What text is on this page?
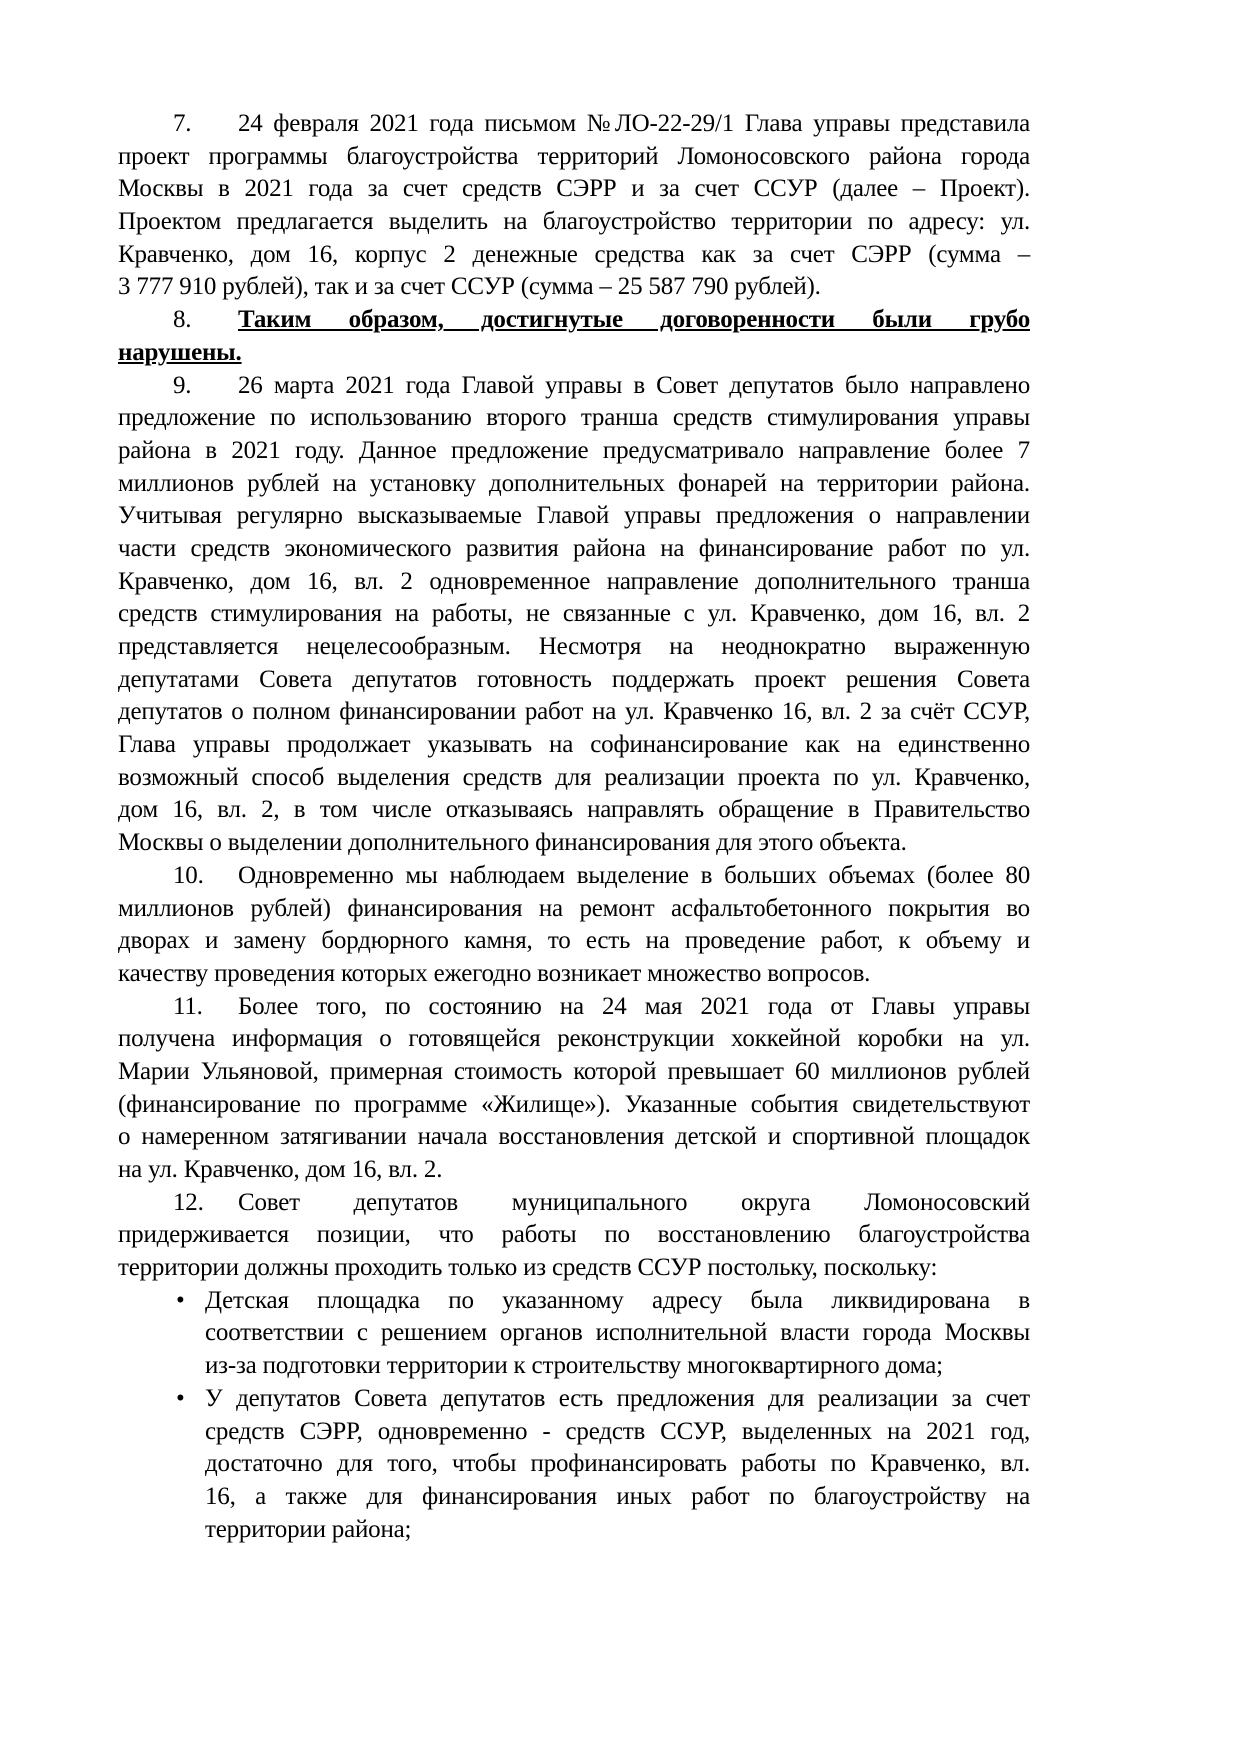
7. 24 февраля 2021 года письмом №ЛО-22-29/1 Глава управы представила
проект программы благоустройства территорий Ломоносовского района города
Москвы в 2021 года за счет средств СЭРР и за счет ССУР (далее – Проект).
Проектом предлагается выделить на благоустройство территории по адресу: ул.
Кравченко, дом 16, корпус 2 денежные средства как за счет СЭРР (сумма –
3 777 910 рублей), так и за счет ССУР (сумма – 25 587 790 рублей).
8. Таким образом, достигнутые договоренности были грубо
нарушены.
9. 26 марта 2021 года Главой управы в Совет депутатов было направлено
предложение по использованию второго транша средств стимулирования управы
района в 2021 году. Данное предложение предусматривало направление более 7
миллионов рублей на установку дополнительных фонарей на территории района.
Учитывая регулярно высказываемые Главой управы предложения о направлении
части средств экономического развития района на финансирование работ по ул.
Кравченко, дом 16, вл. 2 одновременное направление дополнительного транша
средств стимулирования на работы, не связанные с ул. Кравченко, дом 16, вл. 2
представляется нецелесообразным. Несмотря на неоднократно выраженную
депутатами Совета депутатов готовность поддержать проект решения Совета
депутатов о полном финансировании работ на ул. Кравченко 16, вл. 2 за счёт ССУР,
Глава управы продолжает указывать на софинансирование как на единственно
возможный способ выделения средств для реализации проекта по ул. Кравченко,
дом 16, вл. 2, в том числе отказываясь направлять обращение в Правительство
Москвы о выделении дополнительного финансирования для этого объекта.
10. Одновременно мы наблюдаем выделение в больших объемах (более 80
миллионов рублей) финансирования на ремонт асфальтобетонного покрытия во
дворах и замену бордюрного камня, то есть на проведение работ, к объему и
качеству проведения которых ежегодно возникает множество вопросов.
11. Более того, по состоянию на 24 мая 2021 года от Главы управы
получена информация о готовящейся реконструкции хоккейной коробки на ул.
Марии Ульяновой, примерная стоимость которой превышает 60 миллионов рублей
(финансирование по программе «Жилище»). Указанные события свидетельствуют
о намеренном затягивании начала восстановления детской и спортивной площадок
на ул. Кравченко, дом 16, вл. 2.
12. Совет депутатов муниципального округа Ломоносовский
придерживается позиции, что работы по восстановлению благоустройства
территории должны проходить только из средств ССУР постольку, поскольку:
• Детская площадка по указанному адресу была ликвидирована в
соответствии с решением органов исполнительной власти города Москвы
из-за подготовки территории к строительству многоквартирного дома;
• У депутатов Совета депутатов есть предложения для реализации за счет
средств СЭРР, одновременно - средств ССУР, выделенных на 2021 год,
достаточно для того, чтобы профинансировать работы по Кравченко, вл.
16, а также для финансирования иных работ по благоустройству на
территории района;
